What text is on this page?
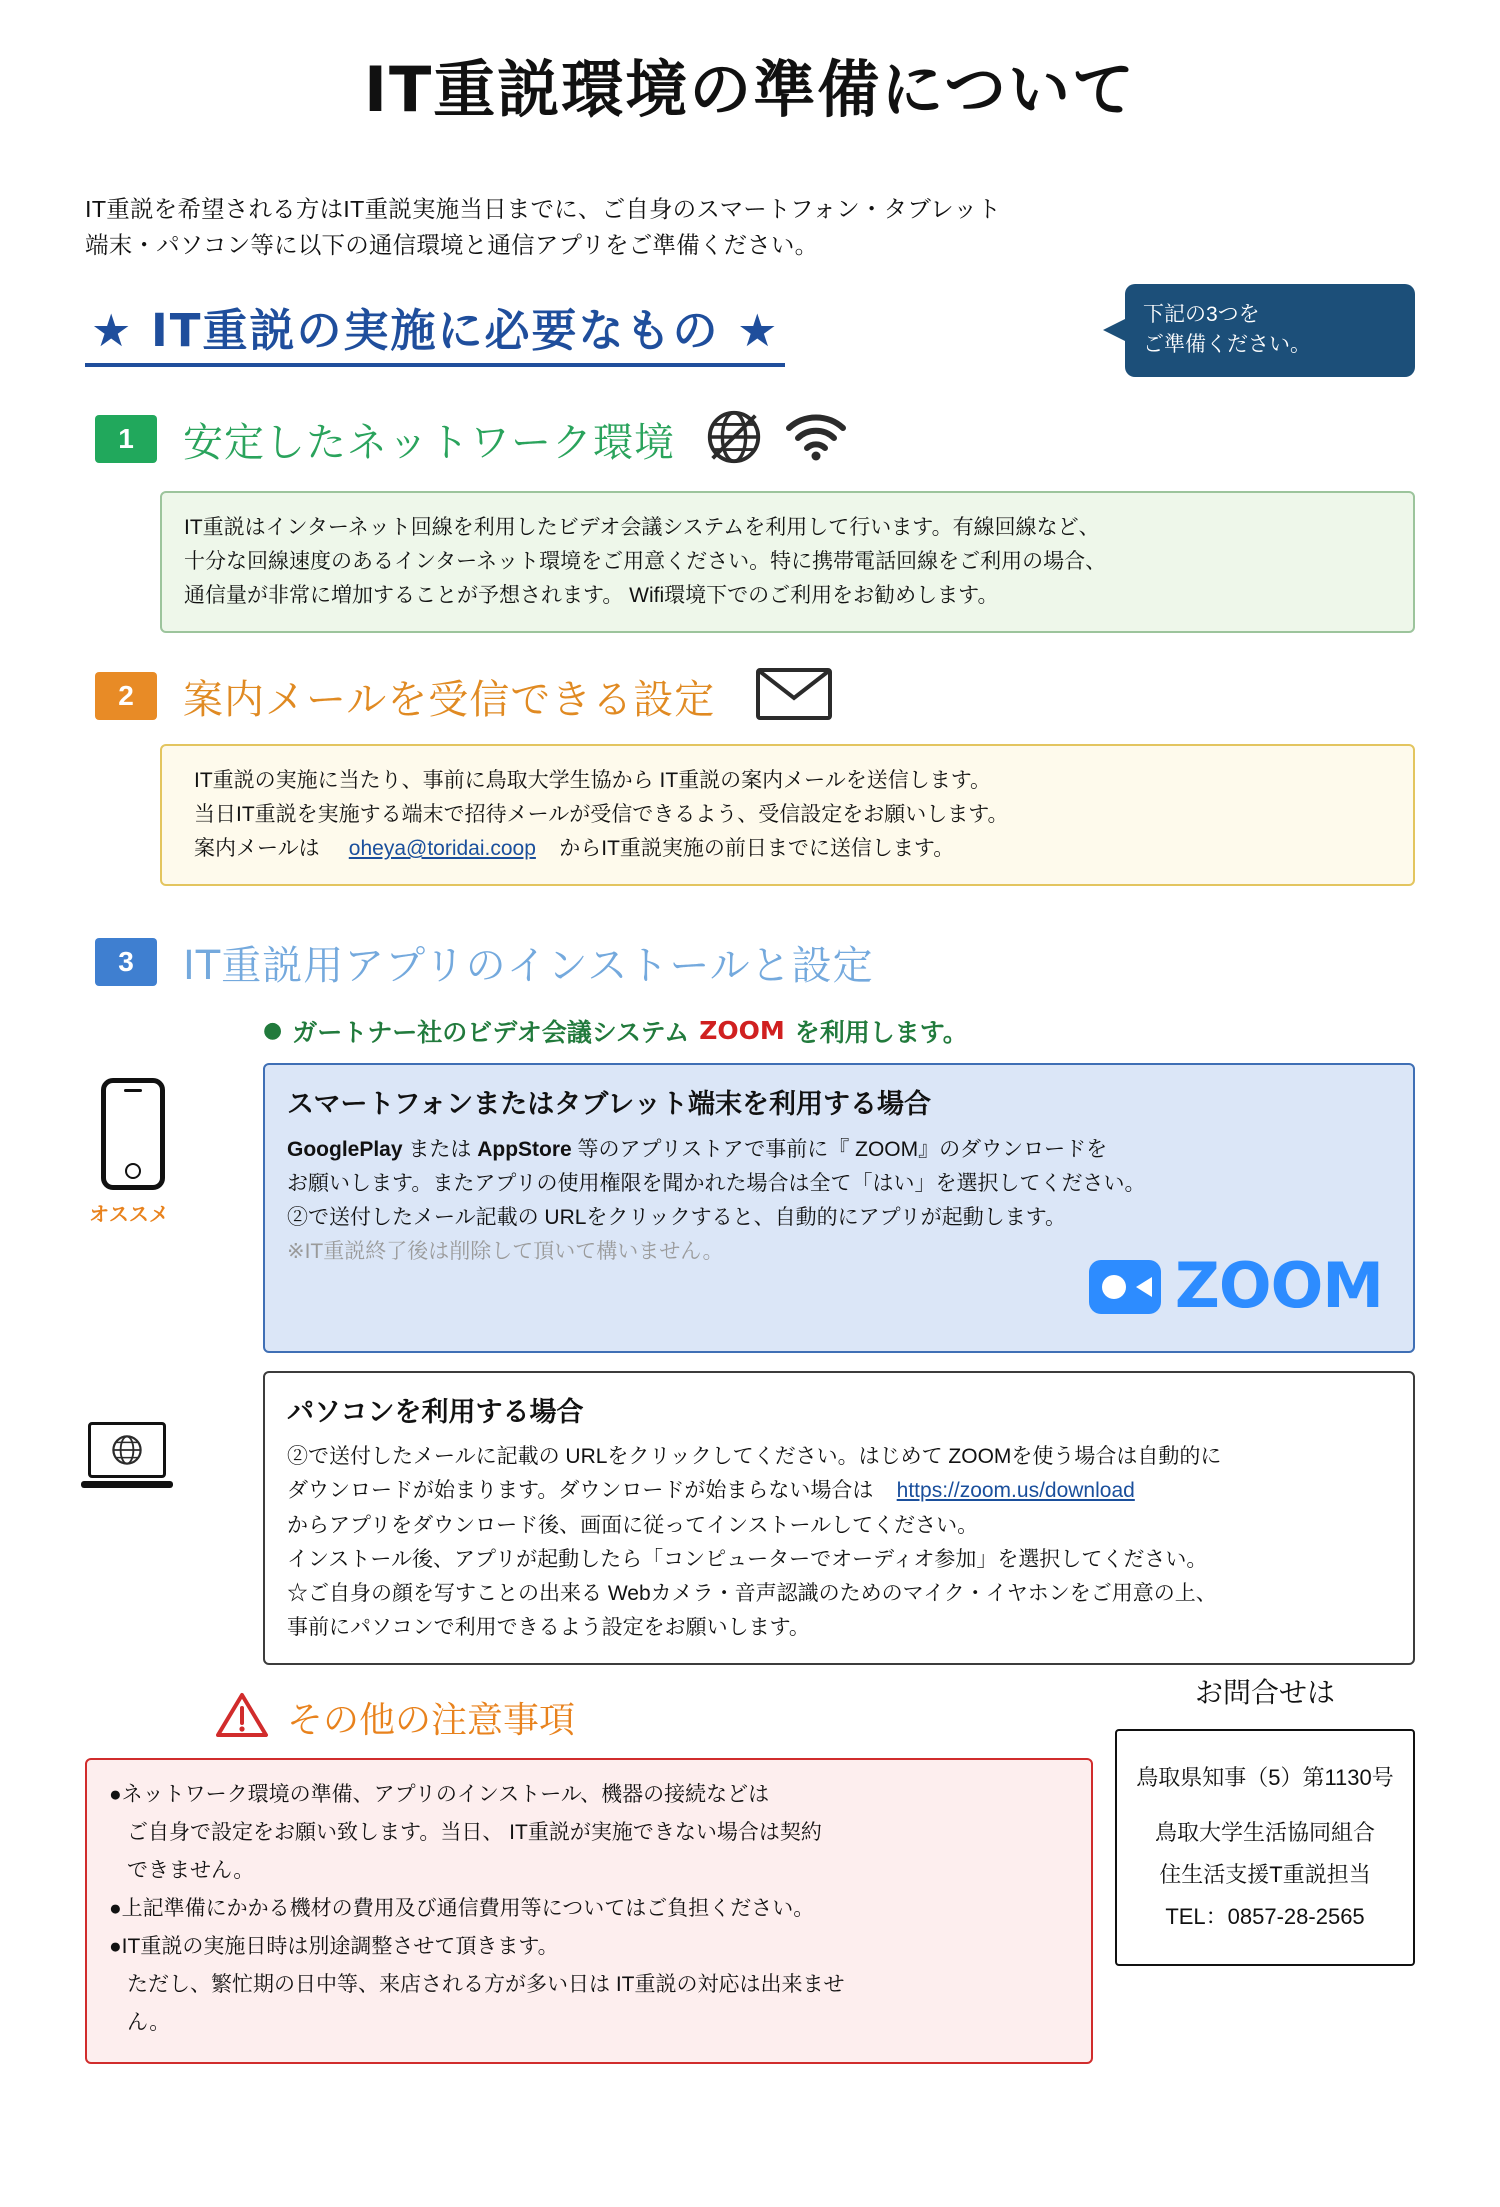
IT重説環境の準備について
IT重説を希望される方はIT重説実施当日までに、ご自身のスマートフォン・タブレット
端末・パソコン等に以下の通信環境と通信アプリをご準備ください。
★ IT重説の実施に必要なもの ★	下記の3つを
ご準備ください。
1	安定したネットワーク環境
IT重説はインターネット回線を利用したビデオ会議システムを利用して行います。有線回線など、
十分な回線速度のあるインターネット環境をご用意ください。特に携帯電話回線をご利用の場合、
通信量が非常に増加することが予想されます。 Wifi環境下でのご利用をお勧めします。
2	案内メールを受信できる設定
IT重説の実施に当たり、事前に鳥取大学生協から IT重説の案内メールを送信します。
当日IT重説を実施する端末で招待メールが受信できるよう、受信設定をお願いします。
案内メールは oheya@toridai.coop からIT重説実施の前日までに送信します。
3	IT重説用アプリのインストールと設定
● ガートナー社のビデオ会議システム ZOOM を利用します。
オススメ
スマートフォンまたはタブレット端末を利用する場合
GooglePlay または AppStore 等のアプリストアで事前に『 ZOOM』のダウンロードを
お願いします。またアプリの使用権限を聞かれた場合は全て「はい」を選択してください。
②で送付したメール記載の URLをクリックすると、自動的にアプリが起動します。
※IT重説終了後は削除して頂いて構いません。	ZOOM
パソコンを利用する場合
②で送付したメールに記載の URLをクリックしてください。はじめて ZOOMを使う場合は自動的に
ダウンロードが始まります。ダウンロードが始まらない場合は https://zoom.us/download
からアプリをダウンロード後、画面に従ってインストールしてください。
インストール後、アプリが起動したら「コンピューターでオーディオ参加」を選択してください。
☆ご自身の顔を写すことの出来る Webカメラ・音声認識のためのマイク・イヤホンをご用意の上、
事前にパソコンで利用できるよう設定をお願いします。
その他の注意事項
●ネットワーク環境の準備、アプリのインストール、機器の接続などは
ご自身で設定をお願い致します。当日、 IT重説が実施できない場合は契約
できません。
●上記準備にかかる機材の費用及び通信費用等についてはご負担ください。
●IT重説の実施日時は別途調整させて頂きます。
ただし、繁忙期の日中等、来店される方が多い日は IT重説の対応は出来ませ
ん。
お問合せは
鳥取県知事（5）第1130号
鳥取大学生活協同組合
住生活支援T重説担当
TEL：0857-28-2565
